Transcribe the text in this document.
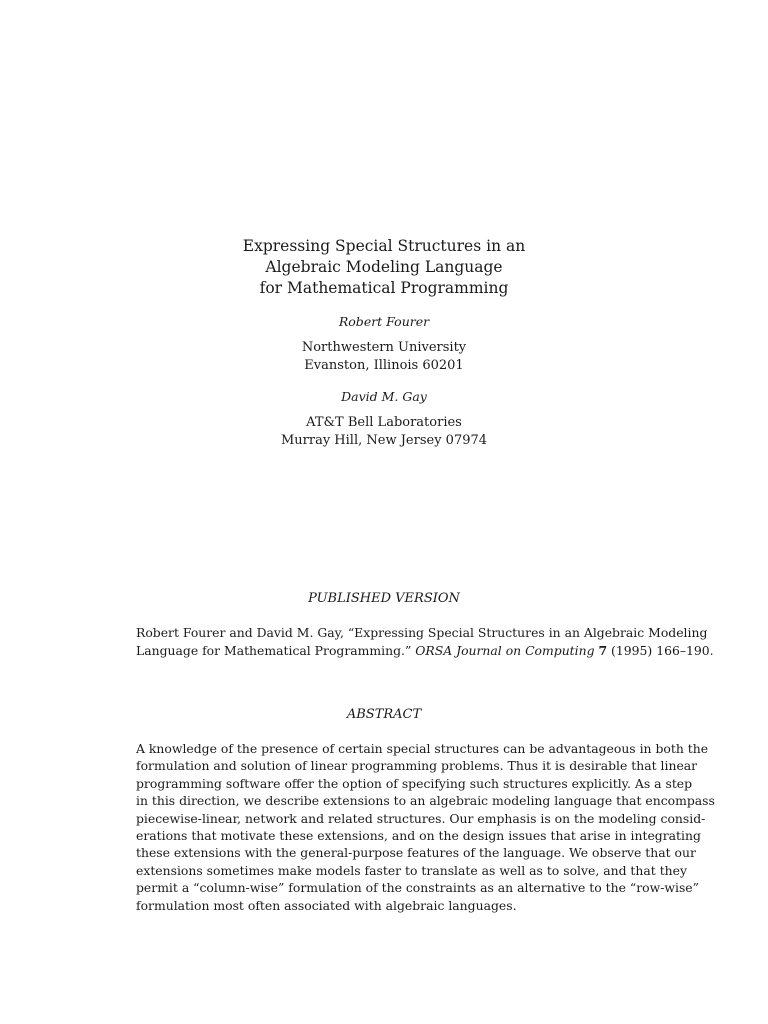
Expressing Special Structures in an
Algebraic Modeling Language
for Mathematical Programming
Robert Fourer
Northwestern University
Evanston, Illinois 60201
David M. Gay
AT&T Bell Laboratories
Murray Hill, New Jersey 07974
PUBLISHED VERSION
Robert Fourer and David M. Gay, “Expressing Special Structures in an Algebraic Modeling
Language for Mathematical Programming.” ORSA Journal on Computing 7 (1995) 166–190.
ABSTRACT
A knowledge of the presence of certain special structures can be advantageous in both the
formulation and solution of linear programming problems. Thus it is desirable that linear
programming software offer the option of specifying such structures explicitly. As a step
in this direction, we describe extensions to an algebraic modeling language that encompass
piecewise-linear, network and related structures. Our emphasis is on the modeling consid-
erations that motivate these extensions, and on the design issues that arise in integrating
these extensions with the general-purpose features of the language. We observe that our
extensions sometimes make models faster to translate as well as to solve, and that they
permit a “column-wise” formulation of the constraints as an alternative to the “row-wise”
formulation most often associated with algebraic languages.
